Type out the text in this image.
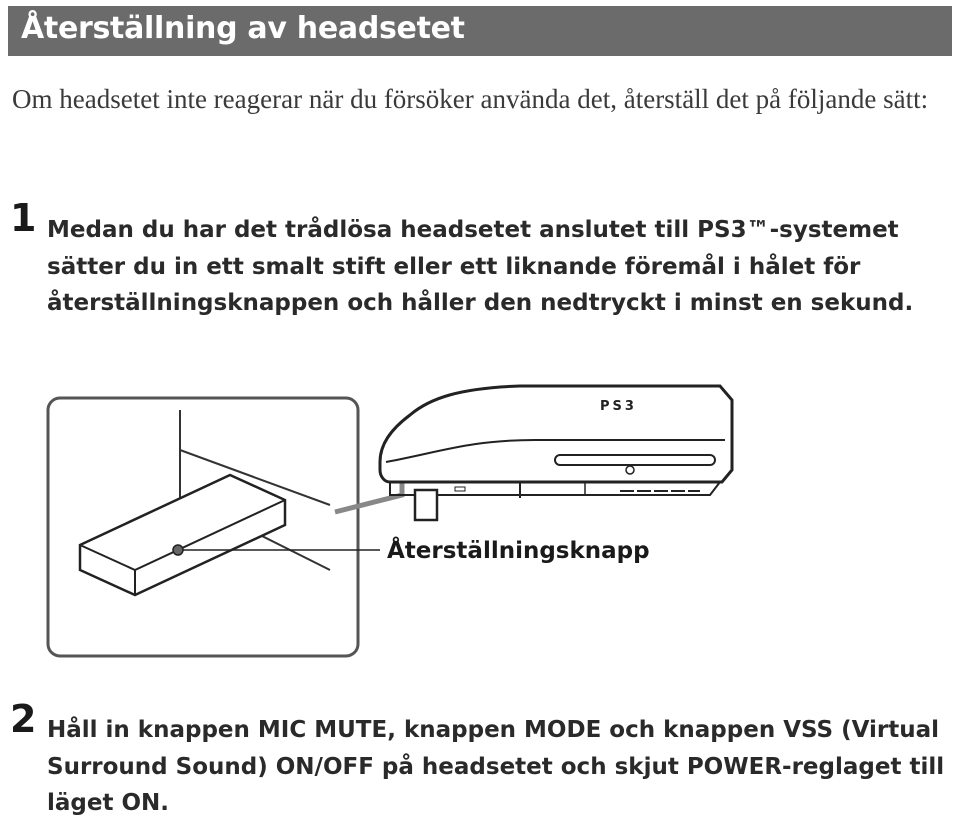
Återställning av headsetet

Om headsetet inte reagerar när du försöker använda det, återställ det på följande sätt:

1 Medan du har det trådlösa headsetet anslutet till PS3™-systemet sätter du in ett smalt stift eller ett liknande föremål i hålet för återställningsknappen och håller den nedtryckt i minst en sekund.

PS3
Återställningsknapp
2 Håll in knappen MIC MUTE, knappen MODE och knappen VSS (Virtual Surround Sound) ON/OFF på headsetet och skjut POWER-reglaget till läget ON.
